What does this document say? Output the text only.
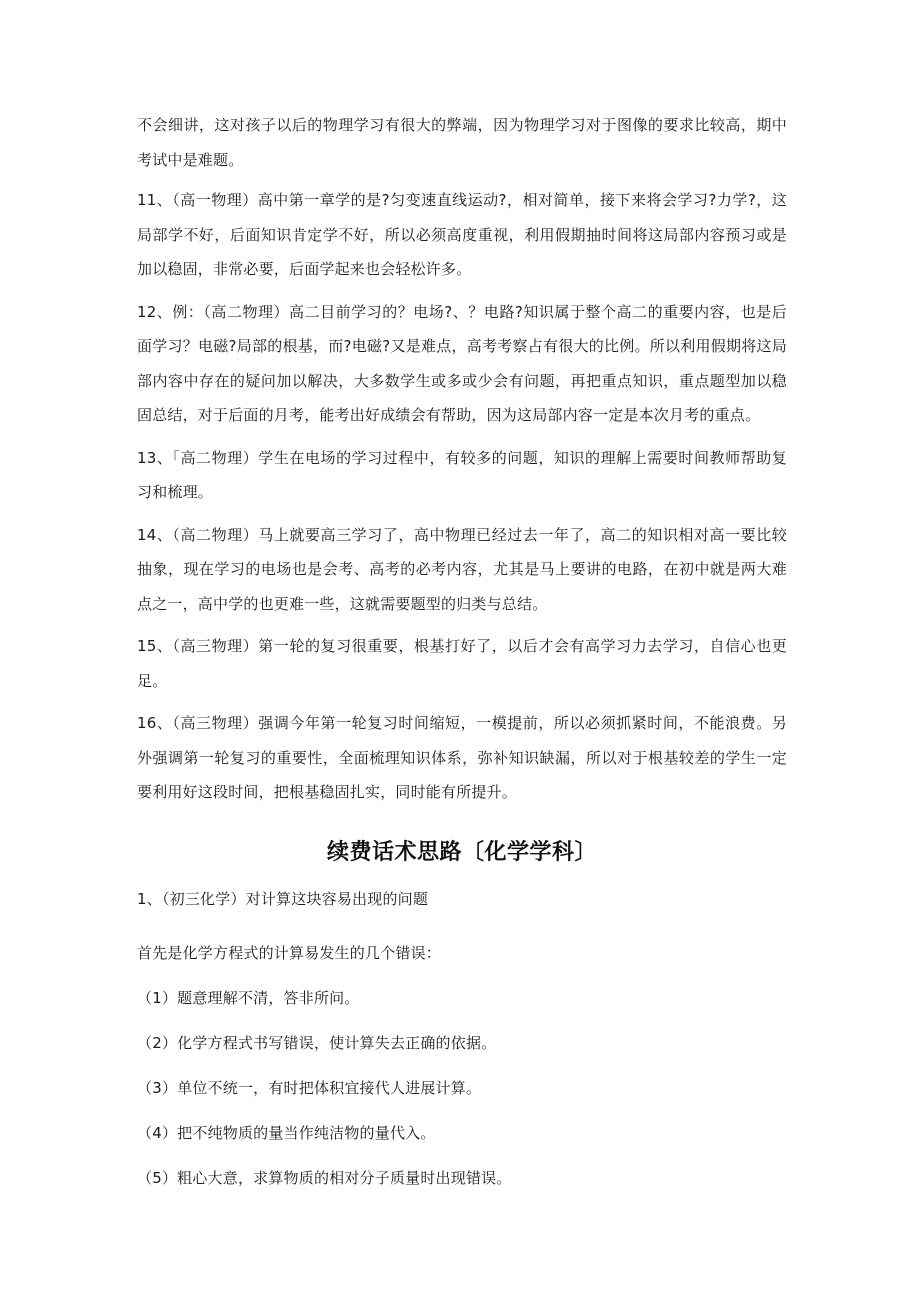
不会细讲，这对孩子以后的物理学习有很大的弊端，因为物理学习对于图像的要求比较高，期中考试中是难题。

11、（高一物理）高中第一章学的是?匀变速直线运动?，相对简单，接下来将会学习?力学?，这局部学不好，后面知识肯定学不好，所以必须高度重视，利用假期抽时间将这局部内容预习或是加以稳固，非常必要，后面学起来也会轻松许多。

12、例：（高二物理）高二目前学习的？电场?、？电路?知识属于整个高二的重要内容，也是后面学习？电磁?局部的根基，而?电磁?又是难点，高考考察占有很大的比例。所以利用假期将这局部内容中存在的疑问加以解决，大多数学生或多或少会有问题，再把重点知识，重点题型加以稳固总结，对于后面的月考，能考出好成绩会有帮助，因为这局部内容一定是本次月考的重点。

13、「高二物理）学生在电场的学习过程中，有较多的问题，知识的理解上需要时间教师帮助复习和梳理。

14、（高二物理）马上就要高三学习了，高中物理已经过去一年了，高二的知识相对高一要比较抽象，现在学习的电场也是会考、高考的必考内容，尤其是马上要讲的电路，在初中就是两大难点之一，高中学的也更难一些，这就需要题型的归类与总结。

15、（高三物理）第一轮的复习很重要，根基打好了，以后才会有高学习力去学习，自信心也更足。

16、（高三物理）强调今年第一轮复习时间缩短，一模提前，所以必须抓紧时间，不能浪费。另外强调第一轮复习的重要性，全面梳理知识体系，弥补知识缺漏，所以对于根基较差的学生一定要利用好这段时间，把根基稳固扎实，同时能有所提升。

续费话术思路〔化学学科〕

1、（初三化学）对计算这块容易出现的问题

首先是化学方程式的计算易发生的几个错误：

（1）题意理解不清，答非所问。

（2）化学方程式书写错误，使计算失去正确的依据。

（3）单位不统一，有时把体积宜接代人进展计算。

（4）把不纯物质的量当作纯洁物的量代入。

（5）粗心大意，求算物质的相对分子质量时出现错误。
